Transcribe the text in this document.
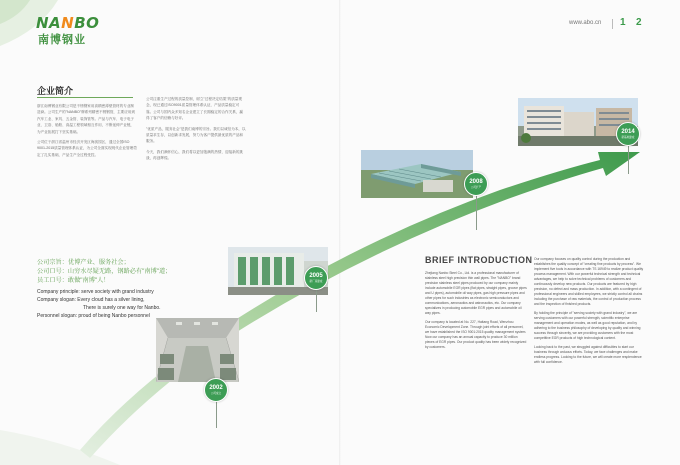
NANBO
南博钢业
www.abo.cn 1 2
企业简介

浙江南博钢业有限公司是不锈钢家用高精密薄壁管材的专业制造商。公司生产的"NANBO"牌系列精密不锈钢管，主要应用到汽车工业、家具、五金管、装饰管等。产品与汽车、电子电子业、卫浴、船舶、高温工程领域相互作用，不断延伸产业链，为产业拓展打下坚实基础。

公司位于浙江省温州市经济开发区海滨园区，通过全国ISO 9001-2015质量管理体系认证，为公司全面实现现代企业管理奠定了扎实基础，产品生产全过程受控。

公司注重生产过程的质量控制，树立"过程决定结果"的质量观念，现已通过ISO9001质量管理体系认证，产品质量稳定可靠。公司与国内众多知名企业建立了长期稳定的合作关系，赢得了客户的信赖与好评。

"优质产品，服务社会"是我们南博的宗旨。我们以诚信为本，以质量求生存，以创新求发展，努力为客户提供最优质的产品和服务。

今天，我们满怀信心，我们将以更加饱满的热情，迎接新的挑战，再创辉煌。

公司宗旨：优博产业、服务社会；
公司口号：山穷水尽疑无路，钢路必有"南博"道；
员工口号：敢做"南博"人！
Company principle: serve society with grand industry
Company slogan: Every cloud has a silver lining,
There is surely one way for Nanbo.
Personnel slogan: proud of being Nanbo personnel
2002
公司成立
2005
新厂房建成
2008
公司扩产
2014
新基地建成
BRIEF INTRODUCTION

Zhejiang Nanbo Steel Co., Ltd. is a professional manufacturer of stainless steel high precision thin wall pipes. The "NANBO" brand precision stainless steel pipes produced by our company mainly include automobile EGR pipes (flat pipes, straight pipes, groove pipes and U pipes), automobile oil way pipes, gas high pressure pipes and other pipes for such industries as electronic semiconductors and communications, aeronautics and astronautics, etc. Our company specializes in producing automobile EGR pipes and automobile oil way pipes.

Our company is located at No. 227, Haitang Road, Wenzhou Economic Development Zone. Through joint efforts of all personnel, we have established the ISO 9001:2015 quality management system. Now our company has an annual capacity to produce 30 million pieces of EGR pipes. Our product quality has been widely recognized by customers.

Our company focuses on quality control during the production and establishes the quality concept of "creating fine products by process". We implement five tools in accordance with TS 16949 to realize product quality process management. With our powerful technical strength and technical advantages, we help to solve technical problems of customers and continuously develop new products. Our products are featured by high precision, no defect and mass production. In addition, with a contingent of professional engineers and skilled employees, we strictly control all chains including the purchase of raw materials, the control of production process and the inspection of finished products.

By holding the principle of "serving society with grand industry", we are serving customers with our powerful strength, scientific enterprise management and operation modes, as well as good reputation, and by adhering to the business philosophy of developing by quality and winning success through sincerity, we are providing customers with the most competitive EGR products of high technological content.

Looking back to the past, we struggled against difficulties to start our business through arduous efforts. Today, we face challenges and make endless progress. Looking to the future, we will create more resplendence with full confidence.
